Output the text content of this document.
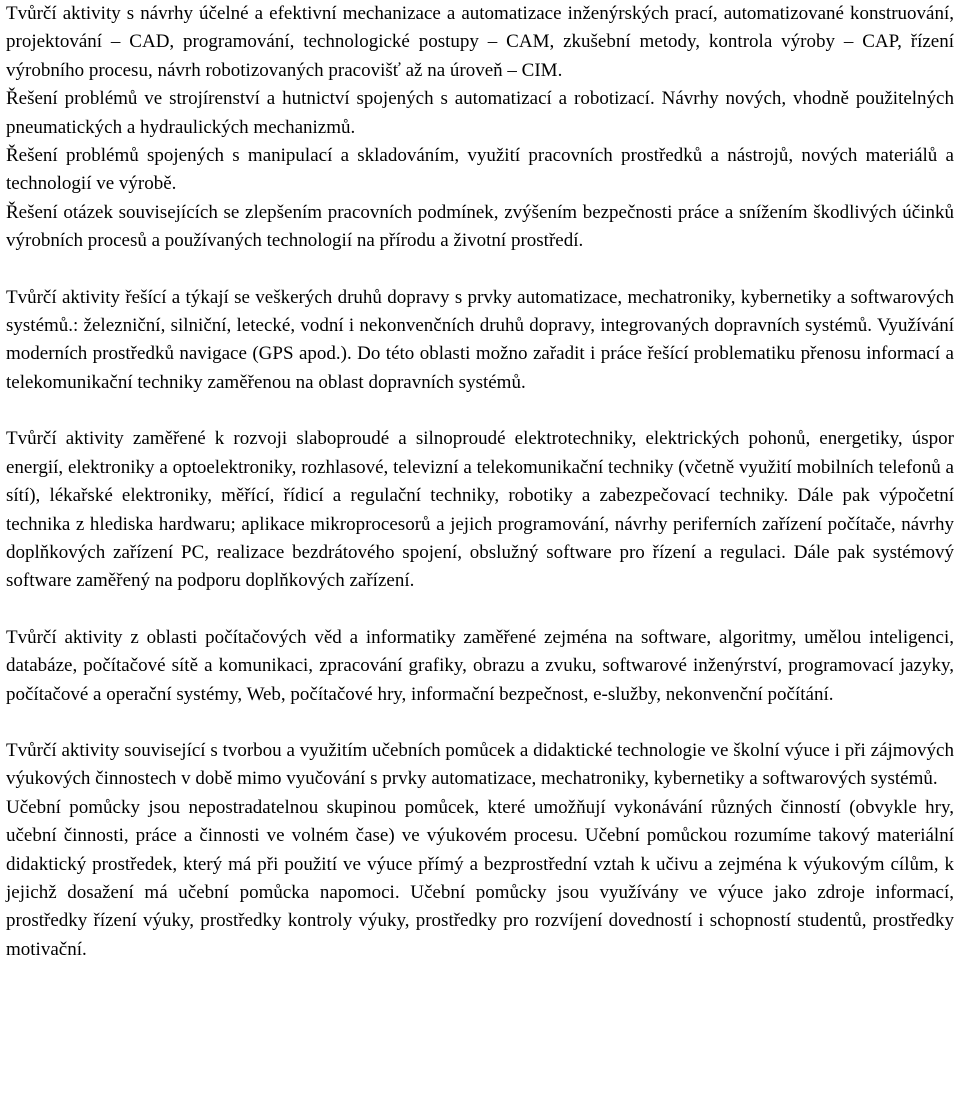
Tvůrčí aktivity s návrhy účelné a efektivní mechanizace a automatizace inženýrských prací, automatizované konstruování, projektování – CAD, programování, technologické postupy – CAM, zkušební metody, kontrola výroby – CAP, řízení výrobního procesu, návrh robotizovaných pracovišť až na úroveň – CIM.

Řešení problémů ve strojírenství a hutnictví spojených s automatizací a robotizací. Návrhy nových, vhodně použitelných pneumatických a hydraulických mechanizmů.

Řešení problémů spojených s manipulací a skladováním, využití pracovních prostředků a nástrojů, nových materiálů a technologií ve výrobě.

Řešení otázek souvisejících se zlepšením pracovních podmínek, zvýšením bezpečnosti práce a snížením škodlivých účinků výrobních procesů a používaných technologií na přírodu a životní prostředí.

Tvůrčí aktivity řešící a týkají se veškerých druhů dopravy s prvky automatizace, mechatroniky, kybernetiky a softwarových systémů.: železniční, silniční, letecké, vodní i nekonvenčních druhů dopravy, integrovaných dopravních systémů. Využívání moderních prostředků navigace (GPS apod.). Do této oblasti možno zařadit i práce řešící problematiku přenosu informací a telekomunikační techniky zaměřenou na oblast dopravních systémů.

Tvůrčí aktivity zaměřené k rozvoji slaboproudé a silnoproudé elektrotechniky, elektrických pohonů, energetiky, úspor energií, elektroniky a optoelektroniky, rozhlasové, televizní a telekomunikační techniky (včetně využití mobilních telefonů a sítí), lékařské elektroniky, měřící, řídicí a regulační techniky, robotiky a zabezpečovací techniky. Dále pak výpočetní technika z hlediska hardwaru; aplikace mikroprocesorů a jejich programování, návrhy periferních zařízení počítače, návrhy doplňkových zařízení PC, realizace bezdrátového spojení, obslužný software pro řízení a regulaci. Dále pak systémový software zaměřený na podporu doplňkových zařízení.

Tvůrčí aktivity z oblasti počítačových věd a informatiky zaměřené zejména na software, algoritmy, umělou inteligenci, databáze, počítačové sítě a komunikaci, zpracování grafiky, obrazu a zvuku, softwarové inženýrství, programovací jazyky, počítačové a operační systémy, Web, počítačové hry, informační bezpečnost, e-služby, nekonvenční počítání.

Tvůrčí aktivity související s tvorbou a využitím učebních pomůcek a didaktické technologie ve školní výuce i při zájmových výukových činnostech v době mimo vyučování s prvky automatizace, mechatroniky, kybernetiky a softwarových systémů.

Učební pomůcky jsou nepostradatelnou skupinou pomůcek, které umožňují vykonávání různých činností (obvykle hry, učební činnosti, práce a činnosti ve volném čase) ve výukovém procesu. Učební pomůckou rozumíme takový materiální didaktický prostředek, který má při použití ve výuce přímý a bezprostřední vztah k učivu a zejména k výukovým cílům, k jejichž dosažení má učební pomůcka napomoci. Učební pomůcky jsou využívány ve výuce jako zdroje informací, prostředky řízení výuky, prostředky kontroly výuky, prostředky pro rozvíjení dovedností i schopností studentů, prostředky motivační.
